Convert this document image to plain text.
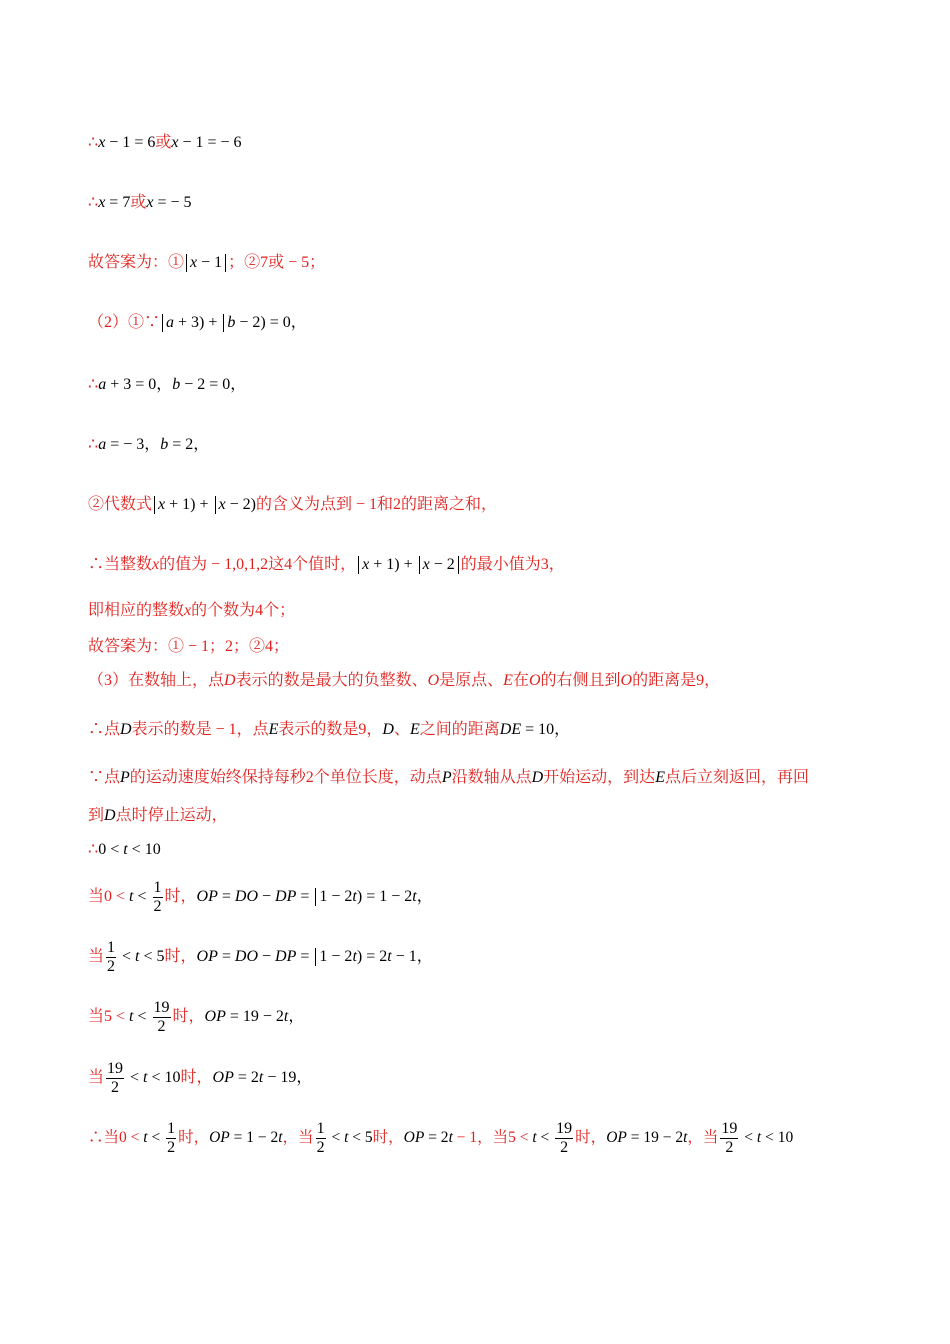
∴x − 1 = 6或x − 1 = − 6
∴x = 7或x = − 5
故答案为：① x − 1 ；②7或 − 5；
（2）①∵ a + 3) + b − 2) = 0，
∴a + 3 = 0，b − 2 = 0，
∴a = − 3，b = 2，
②代数式 x + 1) + x − 2)的含义为点到 − 1和2的距离之和，
∴当整数x的值为 − 1,0,1,2这4个值时， x + 1) + x − 2 的最小值为3，
即相应的整数x的个数为4个；
故答案为：① − 1；2；②4；
（3）在数轴上，点D表示的数是最大的负整数、O是原点、E在O的右侧且到O的距离是9，
∴点D表示的数是 − 1，点E表示的数是9，D、E之间的距离DE = 10，
∵点P的运动速度始终保持每秒2个单位长度，动点P沿数轴从点D开始运动，到达E点后立刻返回，再回
到D点时停止运动，
∴0 < t < 10
当$0 < t < \frac{1}{2}$ 时，OP = DO − DP = 1 − 2t) = 1 − 2t，
当 $\frac{1}{2} < t < 5$时，OP = DO − DP = 1 − 2t) = 2t − 1，
当$5 < t < \frac{19}{2}$ 时，OP = 19 − 2t，
当 $\frac{19}{2} < t < 10$时，OP = 2t − 19，
∴当$0 < t < \frac{1}{2}$ 时，OP = 1 − 2t，当 $\frac{1}{2} < t < 5$时，OP = 2t − 1，当$5 < t < \frac{19}{2}$ 时，OP = 19 − 2t，当 $\frac{19}{2} < t < 10$
